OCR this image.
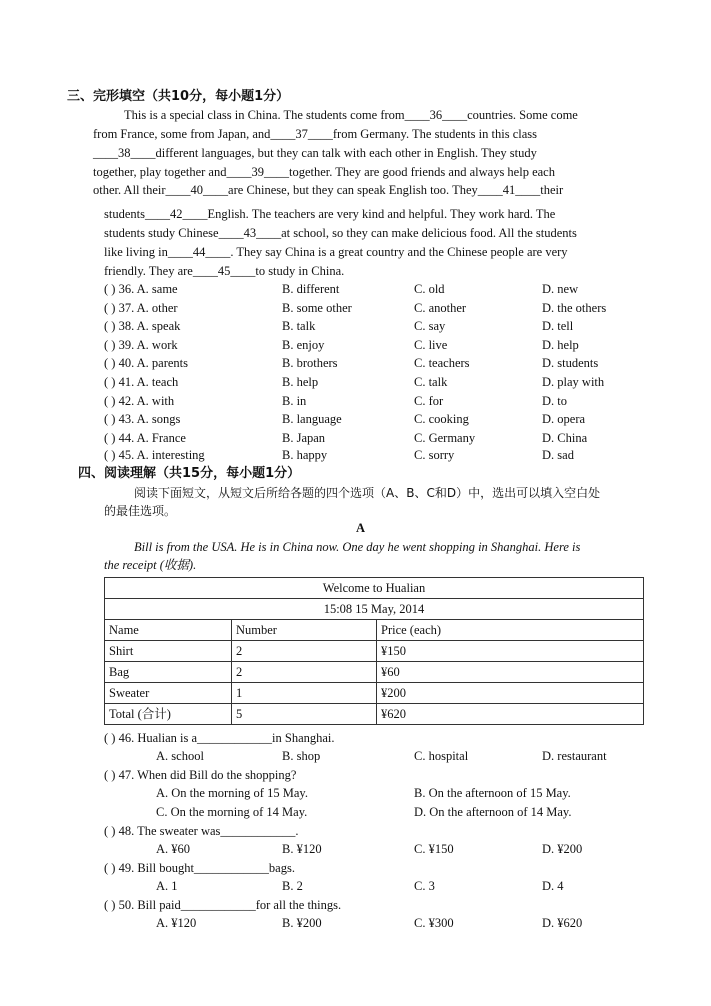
三、完形填空（共10分，每小题1分）
This is a special class in China. The students come from____36____countries. Some come
from France, some from Japan, and____37____from Germany. The students in this class
____38____different languages, but they can talk with each other in English. They study
together, play together and____39____together. They are good friends and always help each
other. All their____40____are Chinese, but they can speak English too. They____41____their
students____42____English. The teachers are very kind and helpful. They work hard. The
students study Chinese____43____at school, so they can make delicious food. All the students
like living in____44____. They say China is a great country and the Chinese people are very
friendly. They are____45____to study in China.
( ) 36. A. same	B. different	C. old	D. new
( ) 37. A. other	B. some other	C. another	D. the others
( ) 38. A. speak	B. talk	C. say	D. tell
( ) 39. A. work	B. enjoy	C. live	D. help
( ) 40. A. parents	B. brothers	C. teachers	D. students
( ) 41. A. teach	B. help	C. talk	D. play with
( ) 42. A. with	B. in	C. for	D. to
( ) 43. A. songs	B. language	C. cooking	D. opera
( ) 44. A. France	B. Japan	C. Germany	D. China
( ) 45. A. interesting	B. happy	C. sorry	D. sad
四、阅读理解（共15分，每小题1分）
阅读下面短文，从短文后所给各题的四个选项（A、B、C和D）中，选出可以填入空白处
的最佳选项。
A
Bill is from the USA. He is in China now. One day he went shopping in Shanghai. Here is
the receipt (收据).
Welcome to Hualian		
15:08 15 May, 2014		
Name	Number	Price (each)
Shirt	2	¥150
Bag	2	¥60
Sweater	1	¥200
Total (合计)	5	¥620
( ) 46. Hualian is a____________in Shanghai.
A. school	B. shop	C. hospital	D. restaurant
( ) 47. When did Bill do the shopping?
A. On the morning of 15 May.	B. On the afternoon of 15 May.
C. On the morning of 14 May.	D. On the afternoon of 14 May.
( ) 48. The sweater was____________.
A. ¥60	B. ¥120	C. ¥150	D. ¥200
( ) 49. Bill bought____________bags.
A. 1	B. 2	C. 3	D. 4
( ) 50. Bill paid____________for all the things.
A. ¥120	B. ¥200	C. ¥300	D. ¥620
